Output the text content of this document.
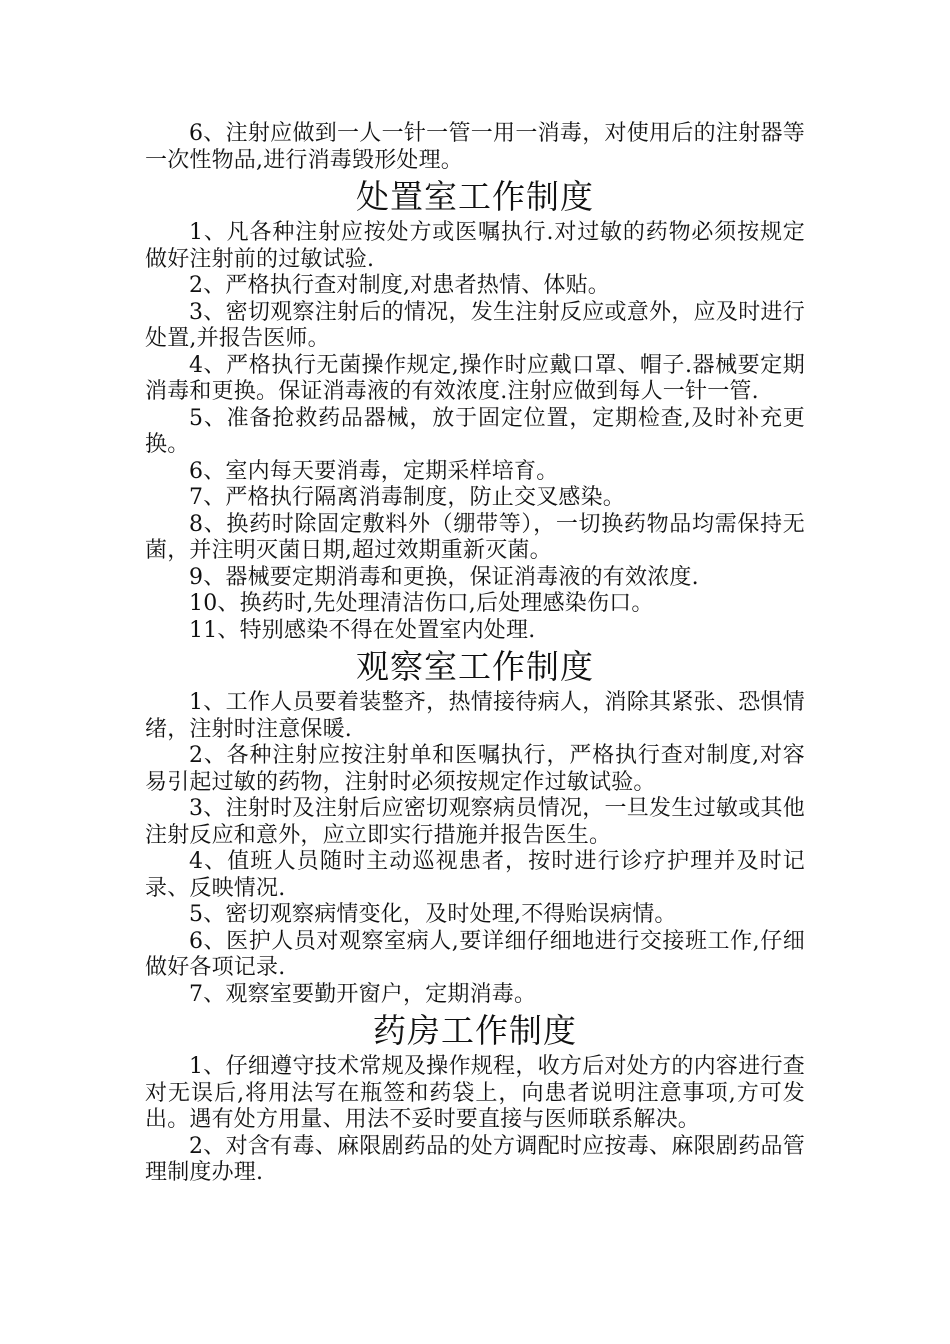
6、注射应做到一人一针一管一用一消毒，对使用后的注射器等一次性物品,进行消毒毁形处理。

处置室工作制度

1、凡各种注射应按处方或医嘱执行.对过敏的药物必须按规定做好注射前的过敏试验.

2、严格执行查对制度,对患者热情、体贴。

3、密切观察注射后的情况，发生注射反应或意外，应及时进行处置,并报告医师。

4、严格执行无菌操作规定,操作时应戴口罩、帽子.器械要定期消毒和更换。保证消毒液的有效浓度.注射应做到每人一针一管.

5、准备抢救药品器械，放于固定位置，定期检查,及时补充更换。

6、室内每天要消毒，定期采样培育。

7、严格执行隔离消毒制度，防止交叉感染。

8、换药时除固定敷料外（绷带等），一切换药物品均需保持无菌，并注明灭菌日期,超过效期重新灭菌。

9、器械要定期消毒和更换，保证消毒液的有效浓度.

10、换药时,先处理清洁伤口,后处理感染伤口。

11、特别感染不得在处置室内处理.

观察室工作制度

1、工作人员要着装整齐，热情接待病人，消除其紧张、恐惧情绪，注射时注意保暖.

2、各种注射应按注射单和医嘱执行，严格执行查对制度,对容易引起过敏的药物，注射时必须按规定作过敏试验。

3、注射时及注射后应密切观察病员情况，一旦发生过敏或其他注射反应和意外，应立即实行措施并报告医生。

4、值班人员随时主动巡视患者，按时进行诊疗护理并及时记录、反映情况.

5、密切观察病情变化，及时处理,不得贻误病情。

6、医护人员对观察室病人,要详细仔细地进行交接班工作,仔细做好各项记录.

7、观察室要勤开窗户，定期消毒。

药房工作制度

1、仔细遵守技术常规及操作规程，收方后对处方的内容进行查对无误后,将用法写在瓶签和药袋上，向患者说明注意事项,方可发出。遇有处方用量、用法不妥时要直接与医师联系解决。

2、对含有毒、麻限剧药品的处方调配时应按毒、麻限剧药品管理制度办理.
